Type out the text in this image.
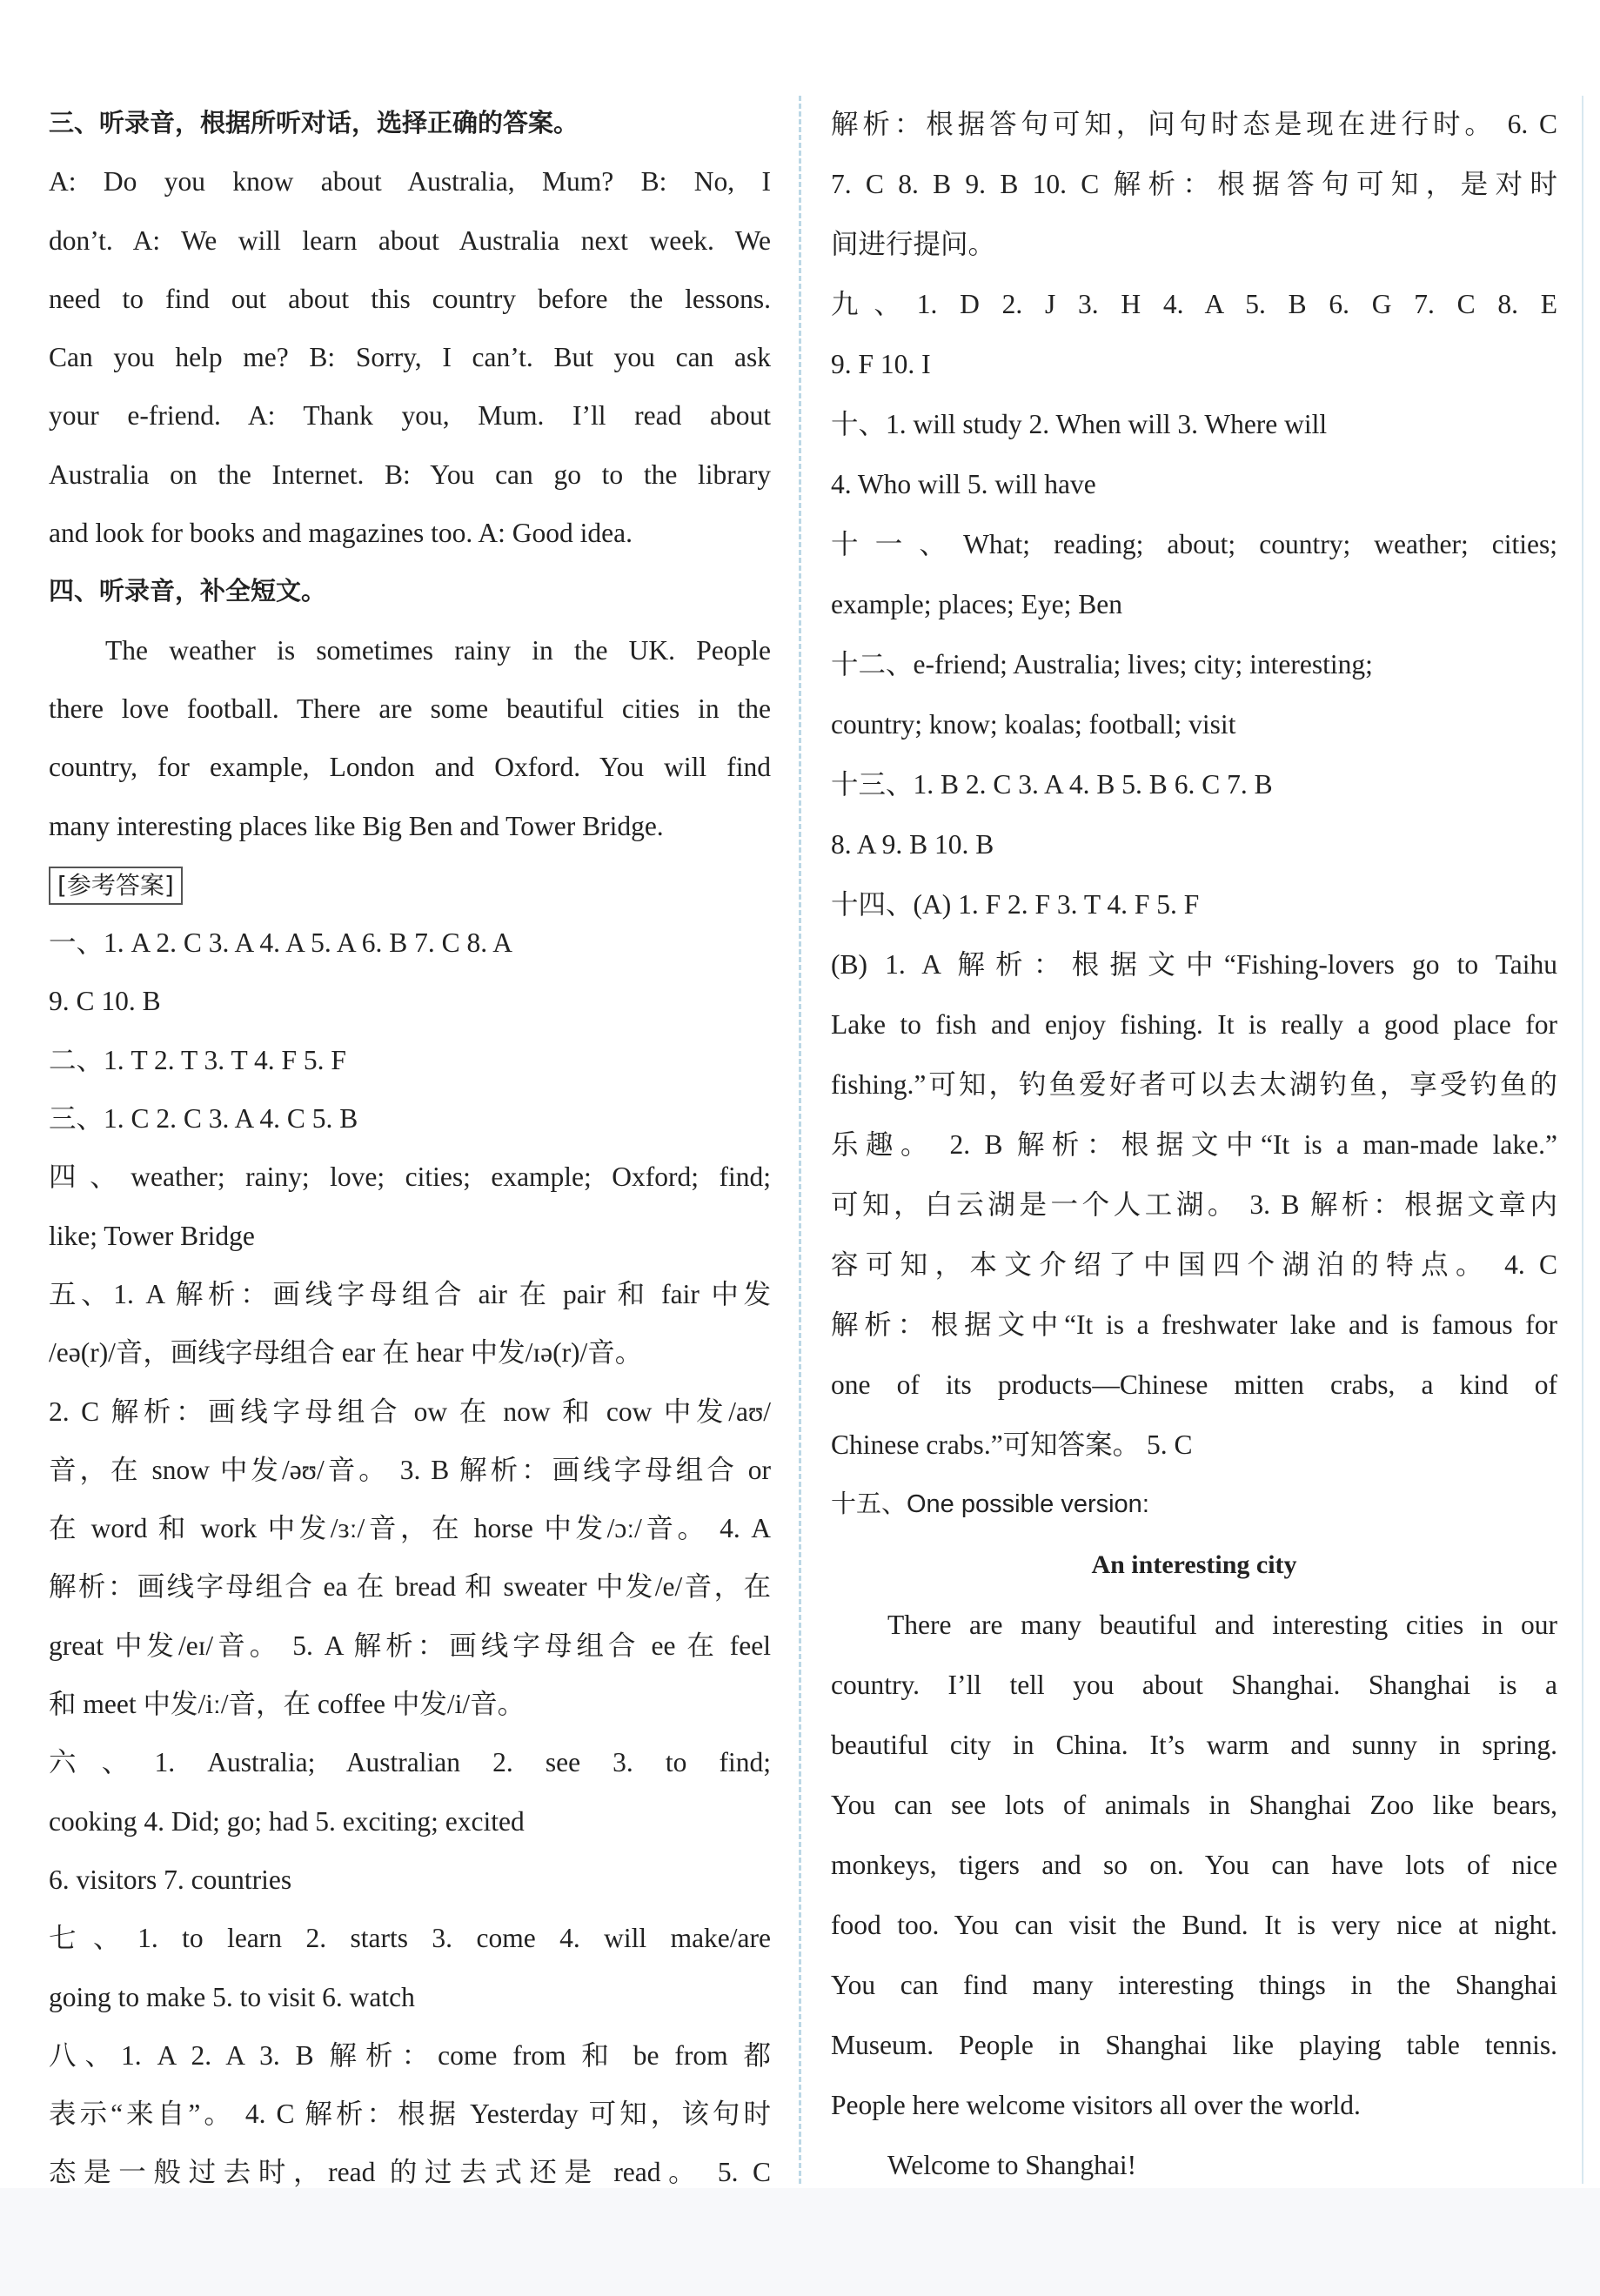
三、听录音，根据所听对话，选择正确的答案。
A: Do you know about Australia, Mum? B: No, I
don’t. A: We will learn about Australia next week. We
need to find out about this country before the lessons.
Can you help me? B: Sorry, I can’t. But you can ask
your e-friend. A: Thank you, Mum. I’ll read about
Australia on the Internet. B: You can go to the library
and look for books and magazines too. A: Good idea.
四、听录音，补全短文。
The weather is sometimes rainy in the UK. People
there love football. There are some beautiful cities in the
country, for example, London and Oxford. You will find
many interesting places like Big Ben and Tower Bridge.
[参考答案]
一、1. A 2. C 3. A 4. A 5. A 6. B 7. C 8. A
9. C 10. B
二、1. T 2. T 3. T 4. F 5. F
三、1. C 2. C 3. A 4. C 5. B
四、weather; rainy; love; cities; example; Oxford; find;
like; Tower Bridge
五、1. A 解析：画线字母组合 air 在 pair 和 fair 中发
/eə(r)/音，画线字母组合 ear 在 hear 中发/ɪə(r)/音。
2. C 解析：画线字母组合 ow 在 now 和 cow 中发/aʊ/
音，在 snow 中发/əʊ/音。 3. B 解析：画线字母组合 or
在 word 和 work 中发/ɜː/音，在 horse 中发/ɔː/音。 4. A
解析：画线字母组合 ea 在 bread 和 sweater 中发/e/音，在
great 中发/eɪ/音。 5. A 解析：画线字母组合 ee 在 feel
和 meet 中发/iː/音，在 coffee 中发/i/音。
六、1. Australia; Australian 2. see 3. to find;
cooking 4. Did; go; had 5. exciting; excited
6. visitors 7. countries
七、1. to learn 2. starts 3. come 4. will make/are
going to make 5. to visit 6. watch
八、1. A 2. A 3. B 解析：come from 和 be from 都
表示“来自”。 4. C 解析：根据 Yesterday 可知，该句时
态是一般过去时，read 的过去式还是 read。 5. C
解析：根据答句可知，问句时态是现在进行时。 6. C
7. C 8. B 9. B 10. C 解析：根据答句可知，是对时
间进行提问。
九、1. D 2. J 3. H 4. A 5. B 6. G 7. C 8. E
9. F 10. I
十、1. will study 2. When will 3. Where will
4. Who will 5. will have
十一、What; reading; about; country; weather; cities;
example; places; Eye; Ben
十二、e-friend; Australia; lives; city; interesting;
country; know; koalas; football; visit
十三、1. B 2. C 3. A 4. B 5. B 6. C 7. B
8. A 9. B 10. B
十四、(A) 1. F 2. F 3. T 4. F 5. F
(B) 1. A 解析：根据文中“Fishing-lovers go to Taihu
Lake to fish and enjoy fishing. It is really a good place for
fishing.”可知，钓鱼爱好者可以去太湖钓鱼，享受钓鱼的
乐趣。 2. B 解析：根据文中“It is a man-made lake.”
可知，白云湖是一个人工湖。 3. B 解析：根据文章内
容可知，本文介绍了中国四个湖泊的特点。 4. C
解析：根据文中“It is a freshwater lake and is famous for
one of its products—Chinese mitten crabs, a kind of
Chinese crabs.”可知答案。 5. C
十五、One possible version:
An interesting city
There are many beautiful and interesting cities in our
country. I’ll tell you about Shanghai. Shanghai is a
beautiful city in China. It’s warm and sunny in spring.
You can see lots of animals in Shanghai Zoo like bears,
monkeys, tigers and so on. You can have lots of nice
food too. You can visit the Bund. It is very nice at night.
You can find many interesting things in the Shanghai
Museum. People in Shanghai like playing table tennis.
People here welcome visitors all over the world.
Welcome to Shanghai!
